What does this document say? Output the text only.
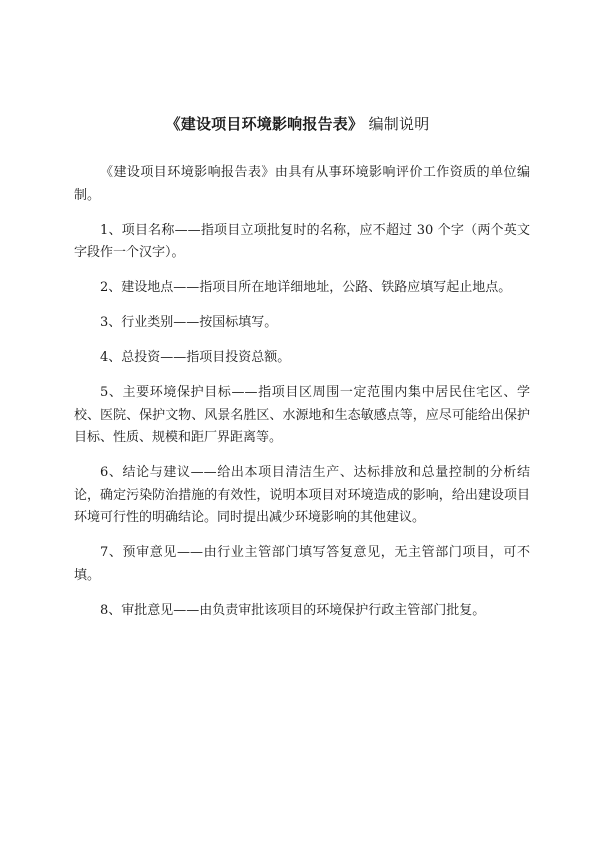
《建设项目环境影响报告表》 编制说明

《建设项目环境影响报告表》由具有从事环境影响评价工作资质的单位编制。

1、项目名称——指项目立项批复时的名称，应不超过 30 个字（两个英文字段作一个汉字）。

2、建设地点——指项目所在地详细地址，公路、铁路应填写起止地点。

3、行业类别——按国标填写。

4、总投资——指项目投资总额。

5、主要环境保护目标——指项目区周围一定范围内集中居民住宅区、学校、医院、保护文物、风景名胜区、水源地和生态敏感点等，应尽可能给出保护目标、性质、规模和距厂界距离等。

6、结论与建议——给出本项目清洁生产、达标排放和总量控制的分析结论，确定污染防治措施的有效性，说明本项目对环境造成的影响，给出建设项目环境可行性的明确结论。同时提出减少环境影响的其他建议。

7、预审意见——由行业主管部门填写答复意见，无主管部门项目，可不填。

8、审批意见——由负责审批该项目的环境保护行政主管部门批复。
